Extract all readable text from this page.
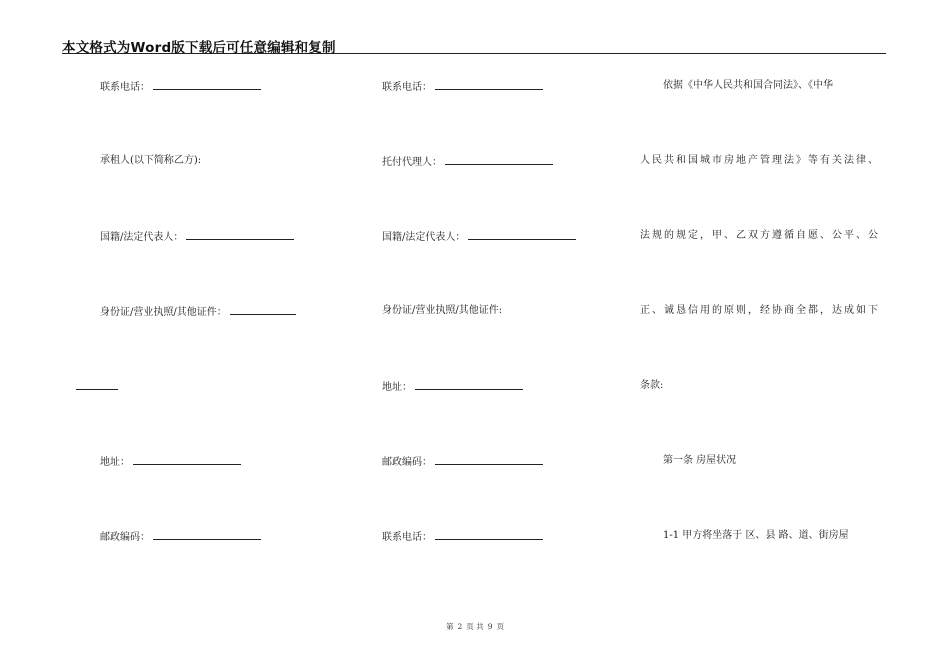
本文格式为Word版下载后可任意编辑和复制
联系电话：
承租人(以下简称乙方):
国籍/法定代表人：
身份证/营业执照/其他证件：
地址：
邮政编码：
联系电话：
托付代理人：
国籍/法定代表人：
身份证/营业执照/其他证件:
地址：
邮政编码：
联系电话：
依据《中华人民共和国合同法》、《中华
人民共和国城市房地产管理法》等有关法律、
法规的规定，甲、乙双方遵循自愿、公平、公
正、诚恳信用的原则，经协商全都，达成如下
条款:
第一条 房屋状况
1-1 甲方将坐落于 区、县 路、道、街房屋
第 2 页 共 9 页
